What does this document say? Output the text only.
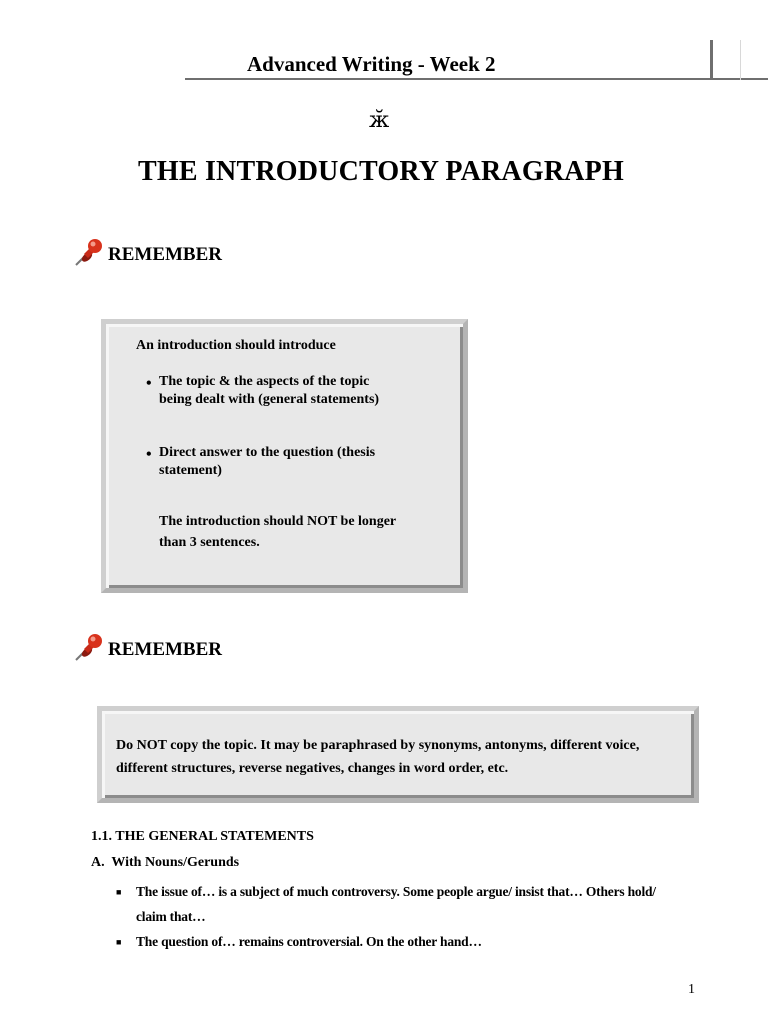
Advanced Writing - Week 2
ӂ
THE INTRODUCTORY PARAGRAPH
REMEMBER
An introduction should introduce
• The topic & the aspects of the topic
being dealt with (general statements)
• Direct answer to the question (thesis
statement)
The introduction should NOT be longer
than 3 sentences.
REMEMBER
Do NOT copy the topic. It may be paraphrased by synonyms, antonyms, different voice,
different structures, reverse negatives, changes in word order, etc.
1.1. THE GENERAL STATEMENTS
A.  With Nouns/Gerunds
■ The issue of… is a subject of much controversy. Some people argue/ insist that… Others hold/
claim that…
■ The question of… remains controversial. On the other hand…
1
